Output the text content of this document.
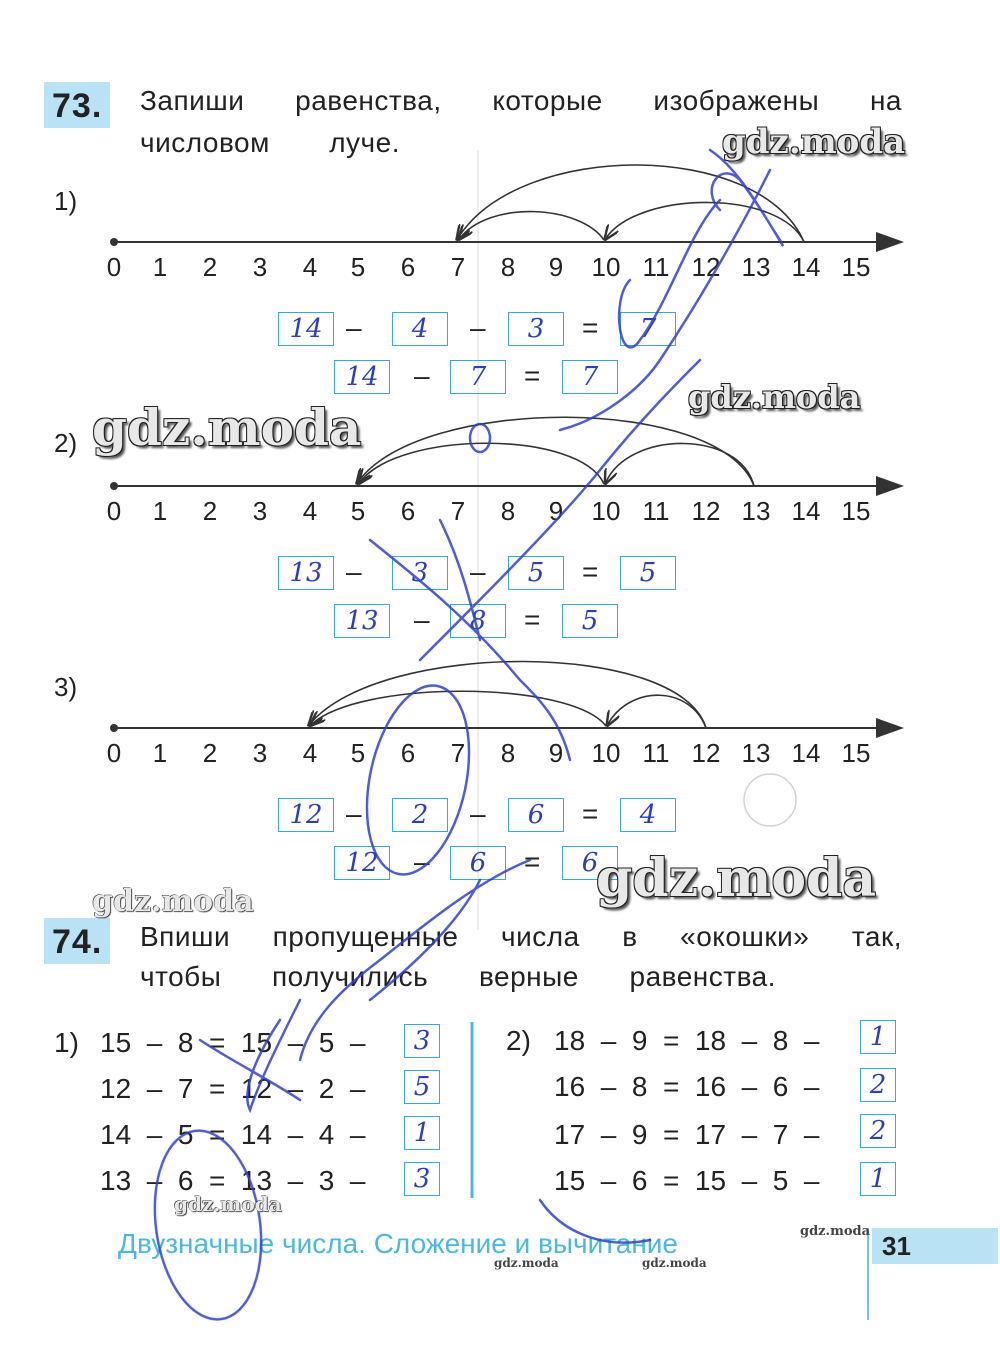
73. Запиши равенства, которые изображены на
числовом луче.
1)
2)
3)
0	1	2	3	4	5	6	7	8	9	10 11 12 13 14 15
0	1	2	3	4	5	6	7	8	9	10 11 12 13 14 15
0	1	2	3	4	5	6	7	8	9	10 11 12 13 14 15
14 –	4	–	3	=	7
14	–	7	=	7
13 –	3	–	5	=	5
13	–	8	=	5
12 –	2	–	6	=	4
12	–	6	=	6
74. Впиши пропущенные числа в «окошки» так,
чтобы получились верные равенства.
1) 15  –  8  =  15  –  5  –	3
12  –  7  =  12  –  2  –	5
14  –  5  =  14  –  4  –	1
13  –  6  =  13  –  3  –	3
2) 18  –  9  =  18  –  8  –	1
16  –  8  =  16  –  6  –	2
17  –  9  =  17  –  7  –	2
15  –  6  =  15  –  5  –	1
Двузначные числа. Сложение и вычитание	31
gdz.moda
gdz.moda
gdz.moda
gdz.moda
gdz.moda
gdz.moda
gdz.moda
gdz.moda	gdz.moda
